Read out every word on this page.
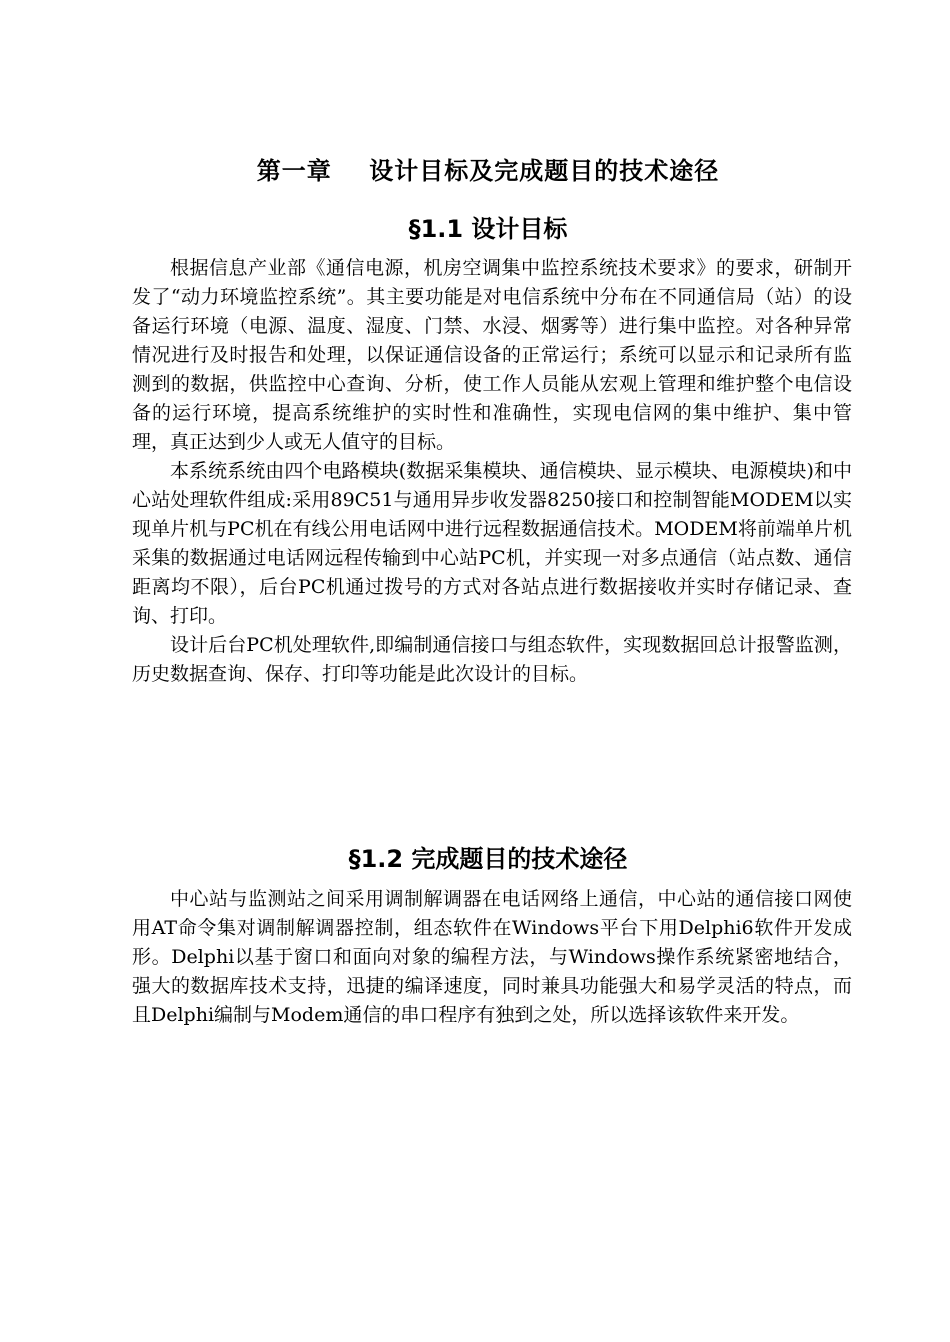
第一章    设计目标及完成题目的技术途径
§1.1 设计目标

根据信息产业部《通信电源，机房空调集中监控系统技术要求》的要求，研制开发了“动力环境监控系统”。其主要功能是对电信系统中分布在不同通信局（站）的设备运行环境（电源、温度、湿度、门禁、水浸、烟雾等）进行集中监控。对各种异常情况进行及时报告和处理，以保证通信设备的正常运行；系统可以显示和记录所有监测到的数据，供监控中心查询、分析，使工作人员能从宏观上管理和维护整个电信设备的运行环境，提高系统维护的实时性和准确性，实现电信网的集中维护、集中管理，真正达到少人或无人值守的目标。

本系统系统由四个电路模块(数据采集模块、通信模块、显示模块、电源模块)和中心站处理软件组成:采用89C51与通用异步收发器8250接口和控制智能MODEM以实现单片机与PC机在有线公用电话网中进行远程数据通信技术。MODEM将前端单片机采集的数据通过电话网远程传输到中心站PC机，并实现一对多点通信（站点数、通信距离均不限），后台PC机通过拨号的方式对各站点进行数据接收并实时存储记录、查询、打印。

设计后台PC机处理软件,即编制通信接口与组态软件，实现数据回总计报警监测，历史数据查询、保存、打印等功能是此次设计的目标。

§1.2 完成题目的技术途径

中心站与监测站之间采用调制解调器在电话网络上通信，中心站的通信接口网使用AT命令集对调制解调器控制，组态软件在Windows平台下用Delphi6软件开发成形。Delphi以基于窗口和面向对象的编程方法，与Windows操作系统紧密地结合，强大的数据库技术支持，迅捷的编译速度，同时兼具功能强大和易学灵活的特点，而且Delphi编制与Modem通信的串口程序有独到之处，所以选择该软件来开发。
